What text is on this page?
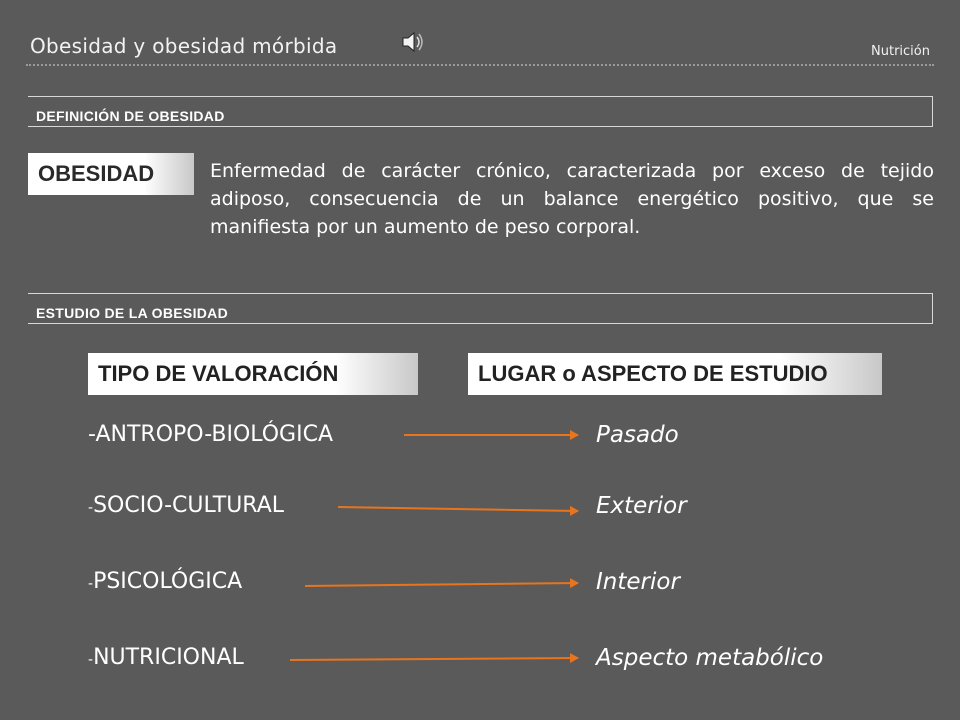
Obesidad y obesidad mórbida	Nutrición
DEFINICIÓN DE OBESIDAD
OBESIDAD	Enfermedad de carácter crónico, caracterizada por exceso de tejido adiposo, consecuencia de un balance energético positivo, que se manifiesta por un aumento de peso corporal.
ESTUDIO DE LA OBESIDAD
TIPO DE VALORACIÓN	LUGAR o ASPECTO DE ESTUDIO
-ANTROPO-BIOLÓGICA	Pasado
-SOCIO-CULTURAL	Exterior
-PSICOLÓGICA	Interior
-NUTRICIONAL	Aspecto metabólico
